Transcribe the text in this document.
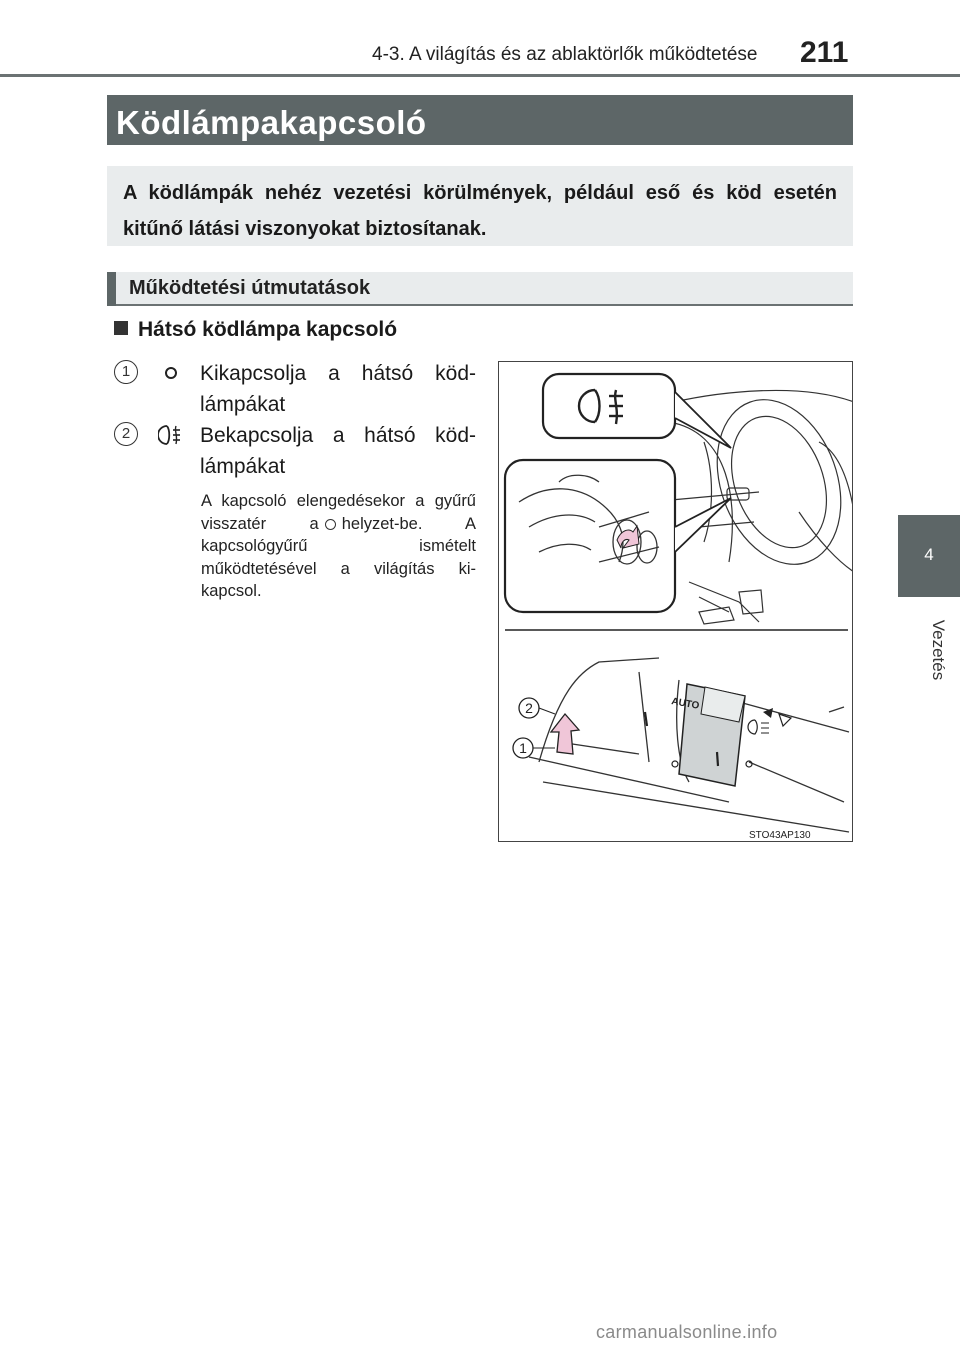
4-3. A világítás és az ablaktörlők működtetése 211
4
Vezetés
Ködlámpakapcsoló
A ködlámpák nehéz vezetési körülmények, például eső és köd esetén kitűnő látási viszonyokat biztosítanak.
Működtetési útmutatások
Hátsó ködlámpa kapcsoló
1	Kikapcsolja a hátsó köd-lámpákat
2	Bekapcsolja a hátsó köd-lámpákat
A kapcsoló elengedésekor a gyűrű visszatér a helyzet-be. A kapcsológyűrű ismételt működtetésével a világítás ki-kapcsol.
AUTO
2
1
STO43AP130
carmanualsonline.info
